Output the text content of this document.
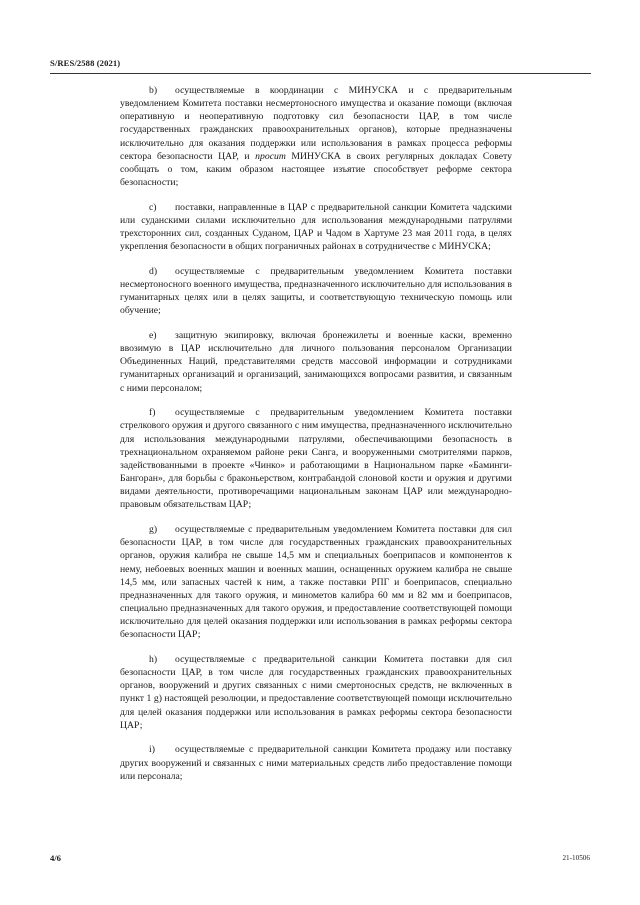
S/RES/2588 (2021)

b) осуществляемые в координации с МИНУСКА и с предварительным уведомлением Комитета поставки несмертоносного имущества и оказание помощи (включая оперативную и неоперативную подготовку сил безопасности ЦАР, в том числе государственных гражданских правоохранительных органов), которые предназначены исключительно для оказания поддержки или использования в рамках процесса реформы сектора безопасности ЦАР, и просит МИНУСКА в своих регулярных докладах Совету сообщать о том, каким образом настоящее изъятие способствует реформе сектора безопасности;

c) поставки, направленные в ЦАР с предварительной санкции Комитета чадскими или суданскими силами исключительно для использования международными патрулями трехсторонних сил, созданных Суданом, ЦАР и Чадом в Хартуме 23 мая 2011 года, в целях укрепления безопасности в общих пограничных районах в сотрудничестве с МИНУСКА;

d) осуществляемые с предварительным уведомлением Комитета поставки несмертоносного военного имущества, предназначенного исключительно для использования в гуманитарных целях или в целях защиты, и соответствующую техническую помощь или обучение;

e) защитную экипировку, включая бронежилеты и военные каски, временно ввозимую в ЦАР исключительно для личного пользования персоналом Организации Объединенных Наций, представителями средств массовой информации и сотрудниками гуманитарных организаций и организаций, занимающихся вопросами развития, и связанным с ними персоналом;

f) осуществляемые с предварительным уведомлением Комитета поставки стрелкового оружия и другого связанного с ним имущества, предназначенного исключительно для использования международными патрулями, обеспечивающими безопасность в трехнациональном охраняемом районе реки Санга, и вооруженными смотрителями парков, задействованными в проекте «Чинко» и работающими в Национальном парке «Баминги-Бангоран», для борьбы с браконьерством, контрабандой слоновой кости и оружия и другими видами деятельности, противоречащими национальным законам ЦАР или международно-правовым обязательствам ЦАР;

g) осуществляемые с предварительным уведомлением Комитета поставки для сил безопасности ЦАР, в том числе для государственных гражданских правоохранительных органов, оружия калибра не свыше 14,5 мм и специальных боеприпасов и компонентов к нему, небоевых военных машин и военных машин, оснащенных оружием калибра не свыше 14,5 мм, или запасных частей к ним, а также поставки РПГ и боеприпасов, специально предназначенных для такого оружия, и минометов калибра 60 мм и 82 мм и боеприпасов, специально предназначенных для такого оружия, и предоставление соответствующей помощи исключительно для целей оказания поддержки или использования в рамках реформы сектора безопасности ЦАР;

h) осуществляемые с предварительной санкции Комитета поставки для сил безопасности ЦАР, в том числе для государственных гражданских правоохранительных органов, вооружений и других связанных с ними смертоносных средств, не включенных в пункт 1 g) настоящей резолюции, и предоставление соответствующей помощи исключительно для целей оказания поддержки или использования в рамках реформы сектора безопасности ЦАР;

i) осуществляемые с предварительной санкции Комитета продажу или поставку других вооружений и связанных с ними материальных средств либо предоставление помощи или персонала;

4/6	21-10506
